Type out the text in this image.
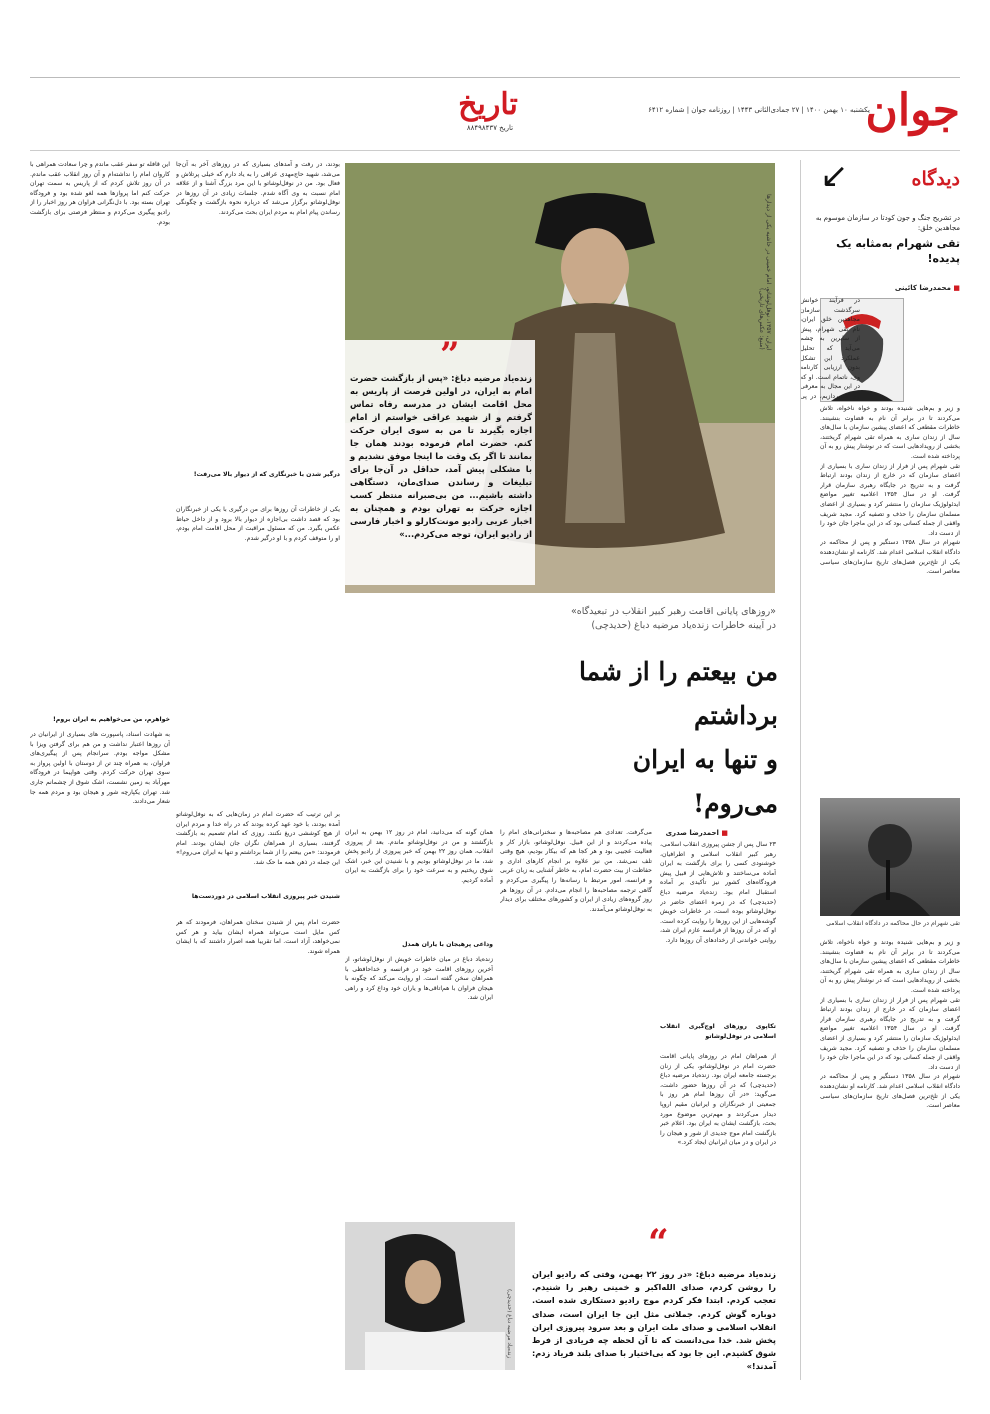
جوان
یکشنبه ۱۰ بهمن ۱۴۰۰ | ۲۷ جمادی‌الثانی ۱۴۴۳ | روزنامه جوان | شماره ۶۴۱۲
تاریخ
تاریخ ۸۸۴۹۸۴۳۷
↙	دیدگاه
در تشریح جنگ و جون‌ کودتا در سازمان موسوم به مجاهدین خلق:
تقی شهرام به‌مثابه یک پدیده!
■ محمدرضا کائینی
در فرآیند خوانش سرگذشت سازمان مجاهدین خلق ایران، نام تقی شهرام، پیش از سایرین به چشم می‌آید که تحلیل عملکرد این تشکل بدون ارزیابی کارنامه وی، ناتمام است. او که در این مجال به معرفی وی می‌پردازیم، در پی

و زیر و بم‌هایی شنیده بودند و خواه ناخواه، تلاش می‌کردند تا در برابر آن نام به قضاوت بنشینند. خاطرات مقطعی که اعضای پیشین سازمان با سال‌های سال از زندان ساری به همراه تقی شهرام گریختند، بخشی از رویدادهایی است که در نوشتار پیش رو به آن پرداخته شده است.
تقی شهرام پس از فرار از زندان ساری با بسیاری از اعضای سازمان که در خارج از زندان بودند ارتباط گرفت و به تدریج در جایگاه رهبری سازمان قرار گرفت. او در سال ۱۳۵۴ اعلامیه تغییر مواضع ایدئولوژیک سازمان را منتشر کرد و بسیاری از اعضای مسلمان سازمان را حذف و تصفیه کرد. مجید شریف واقفی از جمله کسانی بود که در این ماجرا جان خود را از دست داد.
شهرام در سال ۱۳۵۸ دستگیر و پس از محاکمه در دادگاه انقلاب اسلامی اعدام شد. کارنامه او نشان‌دهنده یکی از تلخ‌ترین فصل‌های تاریخ سازمان‌های سیاسی معاصر است.
تقی شهرام در حال محاکمه در دادگاه انقلاب اسلامی
و زیر و بم‌هایی شنیده بودند و خواه ناخواه، تلاش می‌کردند تا در برابر آن نام به قضاوت بنشینند. خاطرات مقطعی که اعضای پیشین سازمان با سال‌های سال از زندان ساری به همراه تقی شهرام گریختند، بخشی از رویدادهایی است که در نوشتار پیش رو به آن پرداخته شده است.
تقی شهرام پس از فرار از زندان ساری با بسیاری از اعضای سازمان که در خارج از زندان بودند ارتباط گرفت و به تدریج در جایگاه رهبری سازمان قرار گرفت. او در سال ۱۳۵۴ اعلامیه تغییر مواضع ایدئولوژیک سازمان را منتشر کرد و بسیاری از اعضای مسلمان سازمان را حذف و تصفیه کرد. مجید شریف واقفی از جمله کسانی بود که در این ماجرا جان خود را از دست داد.
شهرام در سال ۱۳۵۸ دستگیر و پس از محاکمه در دادگاه انقلاب اسلامی اعدام شد. کارنامه او نشان‌دهنده یکی از تلخ‌ترین فصل‌های تاریخ سازمان‌های سیاسی معاصر است.
ایران، ۱۳۵۷، نوفل‌لوشاتو، امام خمینی در حاشیه یکی از دیدارها (منبع: عکس‌های تاریخی)
”
زنده‌یاد مرضیه دباغ: «پس از بازگشت حضرت امام به ایران، در اولین فرصت از پاریس به محل اقامت ایشان در مدرسه رفاه تماس گرفتم و از شهید عراقی خواستم از امام اجازه بگیرند تا من به سوی ایران حرکت کنم. حضرت امام فرموده بودند همان جا بمانند تا اگر یک وقت ما اینجا موفق نشدیم و با مشکلی پیش آمد، حداقل در آن‌جا برای تبلیغات و رساندن صدای‌مان، دستگاهی داشته باشیم... من بی‌صبرانه منتظر کسب اجازه حرکت به تهران بودم و همچنان به اخبار عربی رادیو مونت‌کارلو و اخبار فارسی از رادیو ایران، توجه می‌کردم...»
«روزهای پایانی اقامت رهبر کبیر انقلاب در تبعیدگاه»
در آیینه خاطرات زنده‌یاد مرضیه دباغ (حدیدچی)
من بیعتم را از شما برداشتم
و تنها به ایران می‌روم!
بودند، در رفت و آمدهای بسیاری که در روزهای آخر به آن‌جا می‌شد، شهید حاج‌مهدی عراقی را به یاد دارم که خیلی پرتلاش و فعال بود. من در نوفل‌لوشاتو با این مرد بزرگ آشنا و از علاقه امام نسبت به وی آگاه شدم. جلسات زیادی در آن روزها در نوفل‌لوشاتو برگزار می‌شد که درباره نحوه بازگشت و چگونگی رساندن پیام امام به مردم ایران بحث می‌کردند.
این قافله تو سفر عقب ماندم و چرا سعادت همراهی با کاروان امام را نداشته‌ام و آن روز انقلاب عقب ماندم. در آن روز تلاش کردم که از پاریس به سمت تهران حرکت کنم اما پروازها همه لغو شده بود و فرودگاه تهران بسته بود. با دل‌نگرانی فراوان هر روز اخبار را از رادیو پیگیری می‌کردم و منتظر فرصتی برای بازگشت بودم.
درگیر شدن با خبرنگاری که از دیوار بالا می‌رفت!
یکی از خاطرات آن روزها برای من درگیری با یکی از خبرنگاران بود که قصد داشت بی‌اجازه از دیوار بالا برود و از داخل حیاط عکس بگیرد. من که مسئول مراقبت از محل اقامت امام بودم، او را متوقف کردم و با او درگیر شدم.
خواهرم، من می‌خواهیم به ایران بروم!
به شهادت اسناد، پاسپورت های بسیاری از ایرانیان در آن روزها اعتبار نداشت و من هم برای گرفتن ویزا با مشکل مواجه بودم. سرانجام پس از پیگیری‌های فراوان، به همراه چند تن از دوستان با اولین پرواز به سوی تهران حرکت کردم. وقتی هواپیما در فرودگاه مهرآباد به زمین نشست، اشک شوق از چشمانم جاری شد. تهران یکپارچه شور و هیجان بود و مردم همه جا شعار می‌دادند.
■ احمدرضا صدری
۲۳ سال پس از جشن پیروزی انقلاب اسلامی، رهبر کبیر انقلاب اسلامی و اطرافیان، خوشنودی کسی را برای بازگشت به ایران آماده می‌ساختند و تلاش‌هایی از قبیل پیش فرودگاه‌های کشور نیز تأکیدی بر آماده استقبال امام بود. زنده‌یاد مرضیه دباغ (حدیدچی) که در زمره اعضای حاضر در نوفل‌لوشاتو بوده است، در خاطرات خویش گوشه‌هایی از این روزها را روایت کرده است. او که در آن روزها از فرانسه عازم ایران شد، روایتی خواندنی از رخدادهای آن روزها دارد.
تکاپوی روزهای اوج‌گیری انقلاب اسلامی در نوفل‌لوشاتو
از همراهان امام در روزهای پایانی اقامت حضرت امام در نوفل‌لوشاتو، یکی از زنان برجسته جامعه ایران بود. زنده‌یاد مرضیه دباغ (حدیدچی) که در آن روزها حضور داشت، می‌گوید: «در آن روزها امام هر روز با جمعیتی از خبرنگاران و ایرانیان مقیم اروپا دیدار می‌کردند و مهم‌ترین موضوع مورد بحث، بازگشت ایشان به ایران بود. اعلام خبر بازگشت امام موج جدیدی از شور و هیجان را در ایران و در میان ایرانیان ایجاد کرد.»
می‌گرفت. تعدادی هم مصاحبه‌ها و سخنرانی‌های امام را پیاده می‌کردند و از این قبیل. نوفل‌لوشاتو، بازار کار و فعالیت عجیبی بود و هر کجا هم که بیکار بودیم، هیچ وقتی تلف نمی‌شد. من نیز علاوه بر انجام کارهای اداری و حفاظت از بیت حضرت امام، به خاطر آشنایی به زبان عربی و فرانسه، امور مرتبط با رسانه‌ها را پیگیری می‌کردم و گاهی ترجمه مصاحبه‌ها را انجام می‌دادم. در آن روزها هر روز گروه‌های زیادی از ایران و کشورهای مختلف برای دیدار به نوفل‌لوشاتو می‌آمدند.
همان گونه که می‌دانید، امام در روز ۱۲ بهمن به ایران بازگشتند و من در نوفل‌لوشاتو ماندم. بعد از پیروزی انقلاب، همان روز ۲۲ بهمن که خبر پیروزی از رادیو پخش شد، ما در نوفل‌لوشاتو بودیم و با شنیدن این خبر، اشک شوق ریختیم و به سرعت خود را برای بازگشت به ایران آماده کردیم.
وداعی پرهیجان با یاران همدل
زنده‌یاد دباغ در میان خاطرات خویش از نوفل‌لوشاتو، از آخرین روزهای اقامت خود در فرانسه و خداحافظی با همراهان سخن گفته است. او روایت می‌کند که چگونه با هیجان فراوان با هم‌اتاقی‌ها و یاران خود وداع کرد و راهی ایران شد.
بر این ترتیب که حضرت امام در زمان‌هایی که به نوفل‌لوشاتو آمده بودند، با خود عهد کرده بودند که در راه خدا و مردم ایران از هیچ کوششی دریغ نکنند. روزی که امام تصمیم به بازگشت گرفتند، بسیاری از همراهان نگران جان ایشان بودند. امام فرمودند: «من بیعتم را از شما برداشتم و تنها به ایران می‌روم!» این جمله در ذهن همه ما حک شد.
شنیدن خبر پیروزی انقلاب اسلامی در دوردست‌ها
حضرت امام پس از شنیدن سخنان همراهان، فرمودند که هر کس مایل است می‌تواند همراه ایشان بیاید و هر کس نمی‌خواهد، آزاد است. اما تقریبا همه اصرار داشتند که با ایشان همراه شوند.
زنده‌یاد مرضیه دباغ (حدیدچی)
“
زنده‌یاد مرضیه دباغ: «در روز ۲۲ بهمن، وقتی که رادیو ایران را روشن کردم، صدای الله‌اکبر و خمینی رهبر را شنیدم. تعجب کردم. ابتدا فکر کردم موج رادیو دستکاری شده است. دوباره گوش کردم. جملاتی مثل این جا ایران است، صدای انقلاب اسلامی و صدای ملت ایران و بعد سرود پیروزی ایران پخش شد. خدا می‌دانست که تا آن لحظه چه فریادی از فرط شوق کشیدم. این جا بود که بی‌اختیار با صدای بلند فریاد زدم: آمدند!»
